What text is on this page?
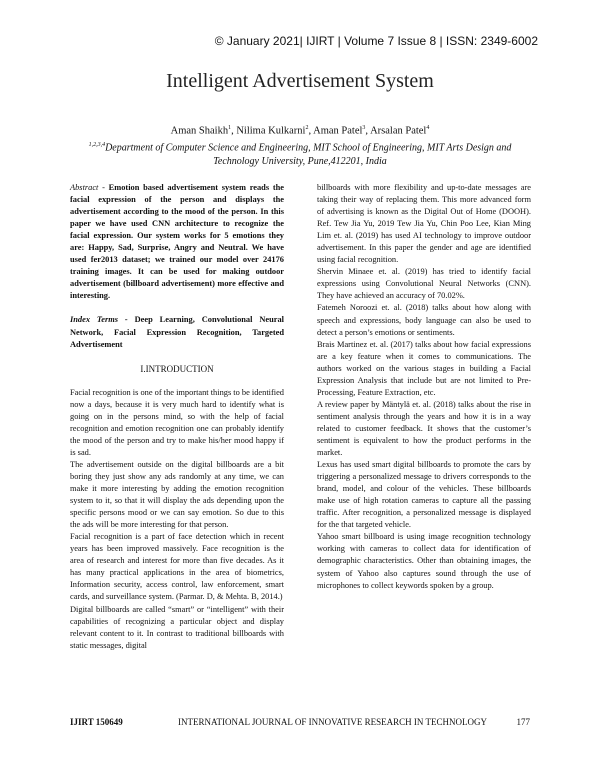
© January 2021| IJIRT | Volume 7 Issue 8 | ISSN: 2349-6002
Intelligent Advertisement System
Aman Shaikh$^1$, Nilima Kulkarni$^2$, Aman Patel$^3$, Arsalan Patel$^4$
$^{1,2,3,4}$Department of Computer Science and Engineering, MIT School of Engineering, MIT Arts Design and Technology University, Pune,412201, India

Abstract - Emotion based advertisement system reads the facial expression of the person and displays the advertisement according to the mood of the person. In this paper we have used CNN architecture to recognize the facial expression. Our system works for 5 emotions they are: Happy, Sad, Surprise, Angry and Neutral. We have used fer2013 dataset; we trained our model over 24176 training images. It can be used for making outdoor advertisement (billboard advertisement) more effective and interesting.

Index Terms - Deep Learning, Convolutional Neural Network, Facial Expression Recognition, Targeted Advertisement

I.INTRODUCTION

Facial recognition is one of the important things to be identified now a days, because it is very much hard to identify what is going on in the persons mind, so with the help of facial recognition and emotion recognition one can probably identify the mood of the person and try to make his/her mood happy if is sad.

The advertisement outside on the digital billboards are a bit boring they just show any ads randomly at any time, we can make it more interesting by adding the emotion recognition system to it, so that it will display the ads depending upon the specific persons mood or we can say emotion. So due to this the ads will be more interesting for that person.

Facial recognition is a part of face detection which in recent years has been improved massively. Face recognition is the area of research and interest for more than five decades. As it has many practical applications in the area of biometrics, Information security, access control, law enforcement, smart cards, and surveillance system. (Parmar. D, & Mehta. B, 2014.)

Digital billboards are called “smart” or “intelligent” with their capabilities of recognizing a particular object and display relevant content to it. In contrast to traditional billboards with static messages, digital

billboards with more flexibility and up-to-date messages are taking their way of replacing them. This more advanced form of advertising is known as the Digital Out of Home (DOOH). Ref. Tew Jia Yu, 2019 Tew Jia Yu, Chin Poo Lee, Kian Ming Lim et. al. (2019) has used AI technology to improve outdoor advertisement. In this paper the gender and age are identified using facial recognition.

Shervin Minaee et. al. (2019) has tried to identify facial expressions using Convolutional Neural Networks (CNN). They have achieved an accuracy of 70.02%.

Fatemeh Noroozi et. al. (2018) talks about how along with speech and expressions, body language can also be used to detect a person’s emotions or sentiments.

Brais Martinez et. al. (2017) talks about how facial expressions are a key feature when it comes to communications. The authors worked on the various stages in building a Facial Expression Analysis that include but are not limited to Pre-Processing, Feature Extraction, etc.

A review paper by Mäntylä et. al. (2018) talks about the rise in sentiment analysis through the years and how it is in a way related to customer feedback. It shows that the customer’s sentiment is equivalent to how the product performs in the market.

Lexus has used smart digital billboards to promote the cars by triggering a personalized message to drivers corresponds to the brand, model, and colour of the vehicles. These billboards make use of high rotation cameras to capture all the passing traffic. After recognition, a personalized message is displayed for the that targeted vehicle.

Yahoo smart billboard is using image recognition technology working with cameras to collect data for identification of demographic characteristics. Other than obtaining images, the system of Yahoo also captures sound through the use of microphones to collect keywords spoken by a group.

IJIRT 150649	INTERNATIONAL JOURNAL OF INNOVATIVE RESEARCH IN TECHNOLOGY	177
